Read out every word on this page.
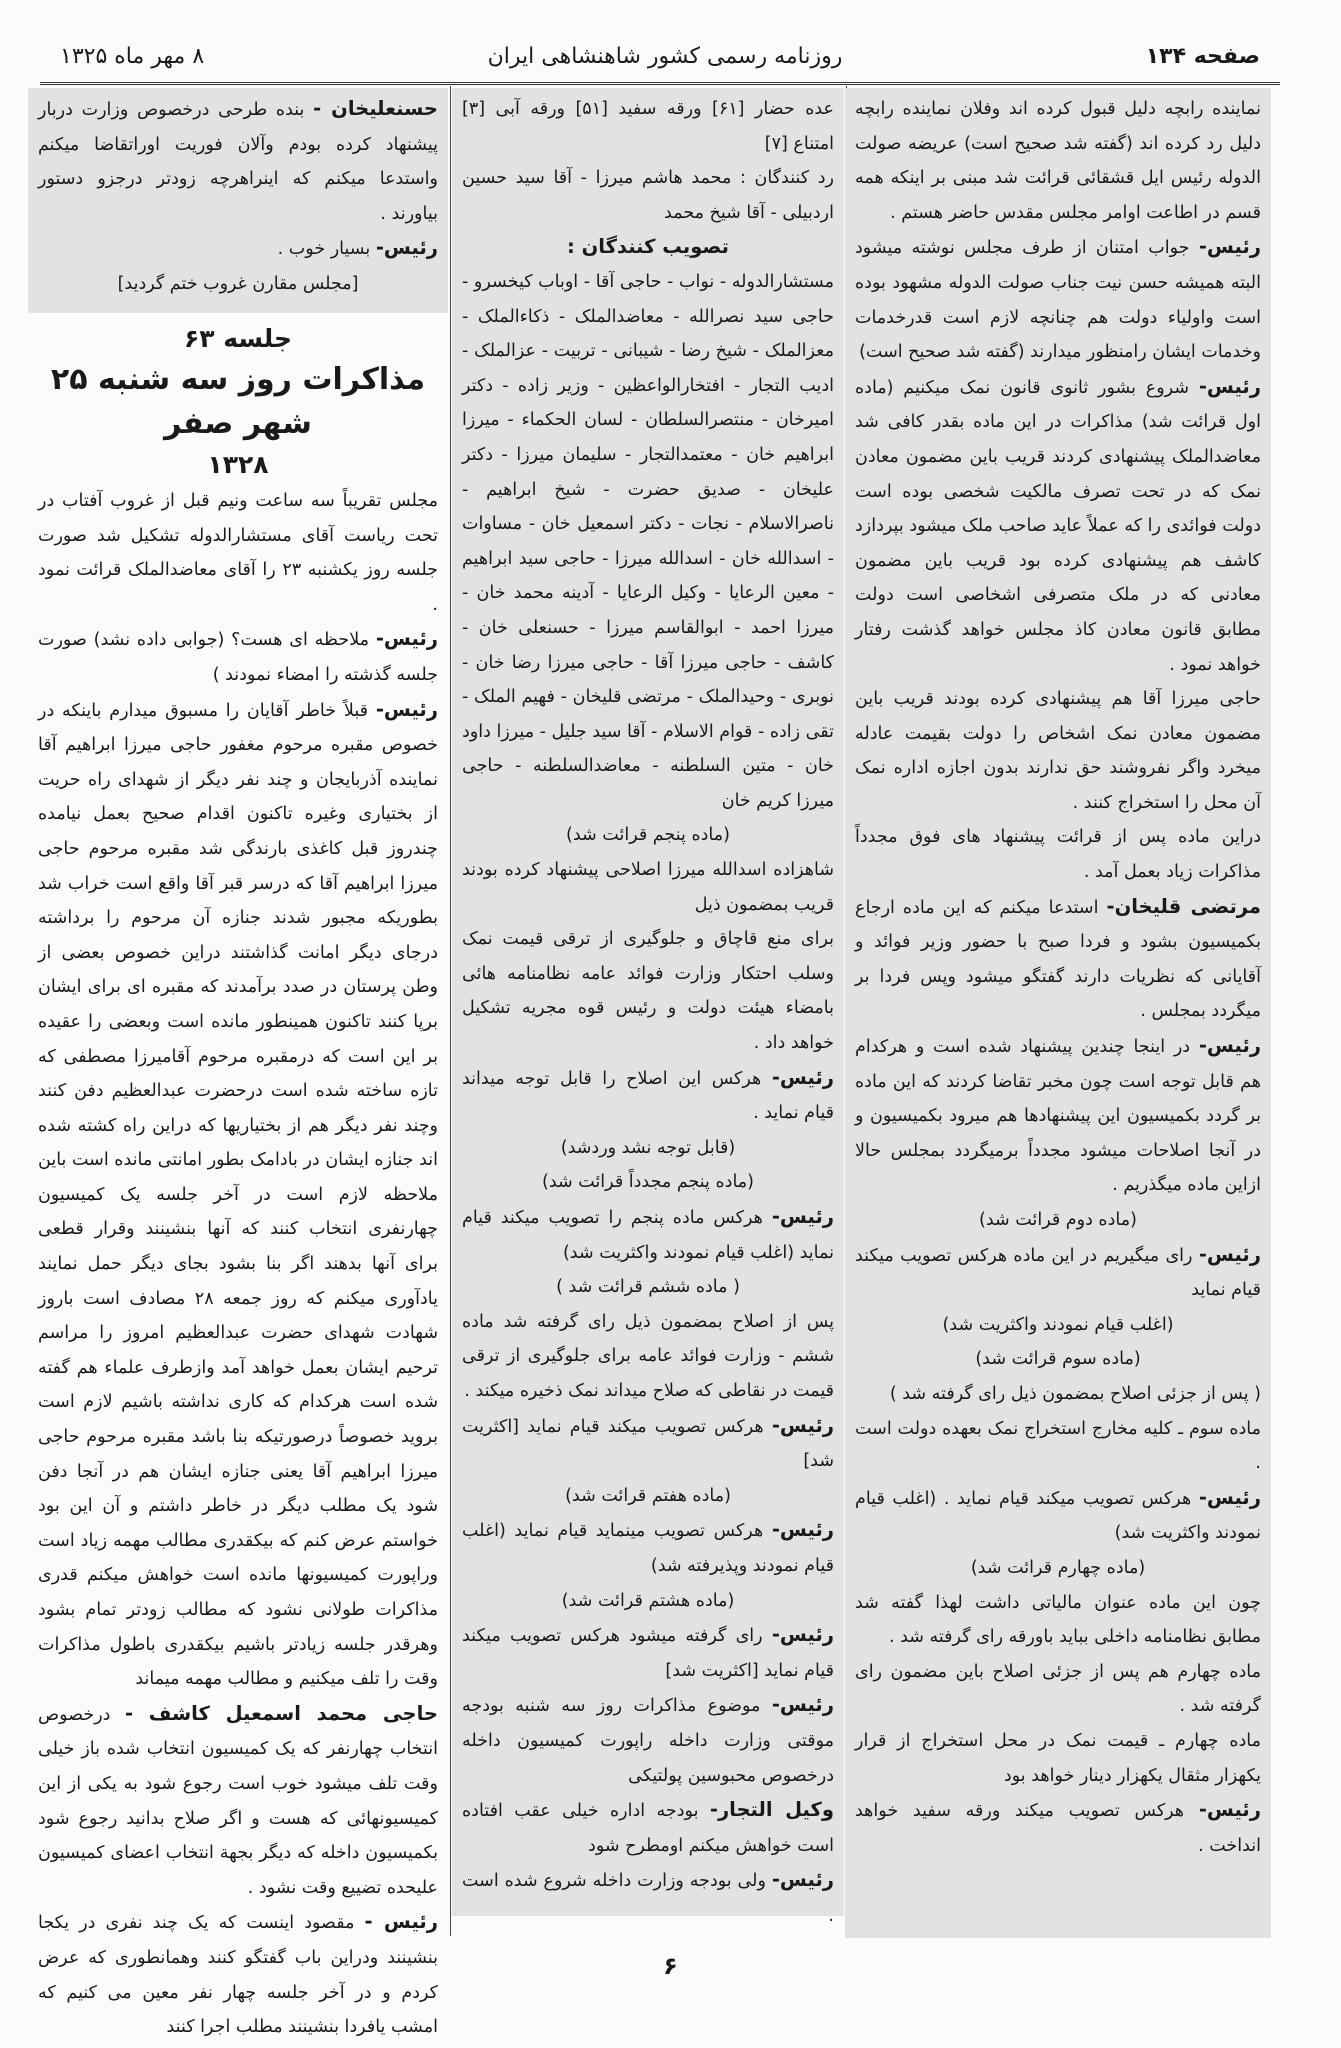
صفحه ۱۳۴
روزنامه رسمی کشور شاهنشاهی ایران
۸ مهر ماه ۱۳۲۵

نماینده رابچه دلیل قبول کرده اند وفلان نماینده رابچه دلیل رد کرده اند (گفته شد صحیح است) عریضه صولت الدوله رئیس ایل قشقائی قرائت شد مبنی بر اینکه همه قسم در اطاعت اوامر مجلس مقدس حاضر هستم .

رئیس- جواب امتنان از طرف مجلس نوشته میشود البته همیشه حسن نیت جناب صولت الدوله مشهود بوده است واولیاء دولت هم چنانچه لازم است قدرخدمات وخدمات ایشان رامنظور میدارند (گفته شد صحیح است)

رئیس- شروع بشور ثانوی قانون نمک میکنیم (ماده اول قرائت شد) مذاکرات در این ماده بقدر کافی شد معاضدالملک پیشنهادی کردند قریب باین مضمون معادن نمک که در تحت تصرف مالکیت شخصی بوده است دولت فوائدی را که عملاً عاید صاحب ملک میشود بپردازد کاشف هم پیشنهادی کرده بود قریب باین مضمون معادنی که در ملک متصرفی اشخاصی است دولت مطابق قانون معادن کاذ مجلس خواهد گذشت رفتار خواهد نمود .

حاجی میرزا آقا هم پیشنهادی کرده بودند قریب باین مضمون معادن نمک اشخاص را دولت بقیمت عادله میخرد واگر نفروشند حق ندارند بدون اجازه اداره نمک آن محل را استخراج کنند .

دراین ماده پس از قرائت پیشنهاد های فوق مجدداً مذاکرات زیاد بعمل آمد .

مرتضی قلیخان- استدعا میکنم که این ماده ارجاع بکمیسیون بشود و فردا صبح با حضور وزیر فوائد و آقایانی که نظریات دارند گفتگو میشود وپس فردا بر میگردد بمجلس .

رئیس- در اینجا چندین پیشنهاد شده است و هرکدام هم قابل توجه است چون مخبر تقاضا کردند که این ماده بر گردد بکمیسیون این پیشنهادها هم میرود بکمیسیون و در آنجا اصلاحات میشود مجدداً برمیگردد بمجلس حالا ازاین ماده میگذریم .

(ماده دوم قرائت شد)

رئیس- رای میگیریم در این ماده هرکس تصویب میکند قیام نماید

(اغلب قیام نمودند واکثریت شد)

(ماده سوم قرائت شد)

( پس از جزئی اصلاح بمضمون ذیل رای گرفته شد )

ماده سوم ـ کلیه مخارج استخراج نمک بعهده دولت است .

رئیس- هرکس تصویب میکند قیام نماید . (اغلب قیام نمودند واکثریت شد)

(ماده چهارم قرائت شد)

چون این ماده عنوان مالیاتی داشت لهذا گفته شد مطابق نظامنامه داخلی بباید باورقه رای گرفته شد .

ماده چهارم هم پس از جزئی اصلاح باین مضمون رای گرفته شد .

ماده چهارم ـ قیمت نمک در محل استخراج از قرار یکهزار مثقال یکهزار دینار خواهد بود

رئیس- هرکس تصویب میکند ورقه سفید خواهد انداخت .

عده حضار [۶۱] ورقه سفید [۵۱] ورقه آبی [۳] امتناع [۷]

رد کنندگان : محمد هاشم میرزا - آقا سید حسین اردبیلی - آقا شیخ محمد

تصویب کنندگان :

مستشارالدوله - نواب - حاجی آقا - اوباب کیخسرو - حاجی سید نصرالله - معاضدالملک - ذکاءالملک - معزالملک - شیخ رضا - شیبانی - تربیت - عزالملک - ادیب التجار - افتخارالواعظین - وزیر زاده - دکتر امیرخان - منتصرالسلطان - لسان الحکماء - میرزا ابراهیم خان - معتمدالتجار - سلیمان میرزا - دکتر علیخان - صدیق حضرت - شیخ ابراهیم - ناصرالاسلام - نجات - دکتر اسمعیل خان - مساوات - اسدالله خان - اسدالله میرزا - حاجی سید ابراهیم - معین الرعایا - وکیل الرعایا - آدینه محمد خان - میرزا احمد - ابوالقاسم میرزا - حسنعلی خان - کاشف - حاجی میرزا آقا - حاجی میرزا رضا خان - نوبری - وحیدالملک - مرتضی قلیخان - فهیم الملک - تقی زاده - قوام الاسلام - آقا سید جلیل - میرزا داود خان - متین السلطنه - معاضدالسلطنه - حاجی میرزا کریم خان

(ماده پنجم قرائت شد)

شاهزاده اسدالله میرزا اصلاحی پیشنهاد کرده بودند قریب بمضمون ذیل

برای منع قاچاق و جلوگیری از ترقی قیمت نمک وسلب احتکار وزارت فوائد عامه نظامنامه هائی بامضاء هیئت دولت و رئیس قوه مجریه تشکیل خواهد داد .

رئیس- هرکس این اصلاح را قابل توجه میداند قیام نماید .

(قابل توجه نشد وردشد)

(ماده پنجم مجدداً قرائت شد)

رئیس- هرکس ماده پنجم را تصویب میکند قیام نماید (اغلب قیام نمودند واکثریت شد)

( ماده ششم قرائت شد )

پس از اصلاح بمضمون ذیل رای گرفته شد ماده ششم - وزارت فوائد عامه برای جلوگیری از ترقی قیمت در نقاطی که صلاح میداند نمک ذخیره میکند .

رئیس- هرکس تصویب میکند قیام نماید [اکثریت شد]

(ماده هفتم قرائت شد)

رئیس- هرکس تصویب مینماید قیام نماید (اغلب قیام نمودند وپذیرفته شد)

(ماده هشتم قرائت شد)

رئیس- رای گرفته میشود هرکس تصویب میکند قیام نماید [اکثریت شد]

رئیس- موضوع مذاکرات روز سه شنبه بودجه موقتی وزارت داخله راپورت کمیسیون داخله درخصوص محبوسین پولتیکی

وکیل التجار- بودجه اداره خیلی عقب افتاده است خواهش میکنم اومطرح شود

رئیس- ولی بودجه وزارت داخله شروع شده است .

حسنعلیخان - بنده طرحی درخصوص وزارت دربار پیشنهاد کرده بودم وآلان فوریت اوراتقاضا میکنم واستدعا میکنم که اینراهرچه زودتر درجزو دستور بیاورند .

رئیس- بسیار خوب .

[مجلس مقارن غروب ختم گردید]

جلسه ۶۳

مذاکرات روز سه شنبه ۲۵ شهر صفر

۱۳۲۸

مجلس تقریباً سه ساعت ونیم قبل از غروب آفتاب در تحت ریاست آقای مستشارالدوله تشکیل شد صورت جلسه روز یکشنبه ۲۳ را آقای معاضدالملک قرائت نمود .

رئیس- ملاحظه ای هست؟ (جوابی داده نشد) صورت جلسه گذشته را امضاء نمودند )

رئیس- قبلاً خاطر آقایان را مسبوق میدارم باینکه در خصوص مقبره مرحوم مغفور حاجی میرزا ابراهیم آقا نماینده آذربایجان و چند نفر دیگر از شهدای راه حریت از بختیاری وغیره تاکنون اقدام صحیح بعمل نیامده چندروز قبل کاغذی بارندگی شد مقبره مرحوم حاجی میرزا ابراهیم آقا که درسر قبر آقا واقع است خراب شد بطوریکه مجبور شدند جنازه آن مرحوم را برداشته درجای دیگر امانت گذاشتند دراین خصوص بعضی از وطن پرستان در صدد برآمدند که مقبره ای برای ایشان برپا کنند تاکنون همینطور مانده است وبعضی را عقیده بر این است که درمقبره مرحوم آقامیرزا مصطفی که تازه ساخته شده است درحضرت عبدالعظیم دفن کنند وچند نفر دیگر هم از بختیاریها که دراین راه کشته شده اند جنازه ایشان در بادامک بطور امانتی مانده است باین ملاحظه لازم است در آخر جلسه یک کمیسیون چهارنفری انتخاب کنند که آنها بنشینند وقرار قطعی برای آنها بدهند اگر بنا بشود بجای دیگر حمل نمایند یادآوری میکنم که روز جمعه ۲۸ مصادف است باروز شهادت شهدای حضرت عبدالعظیم امروز را مراسم ترحیم ایشان بعمل خواهد آمد وازطرف علماء هم گفته شده است هرکدام که کاری نداشته باشیم لازم است بروید خصوصاً درصورتیکه بنا باشد مقبره مرحوم حاجی میرزا ابراهیم آقا یعنی جنازه ایشان هم در آنجا دفن شود یک مطلب دیگر در خاطر داشتم و آن این بود خواستم عرض کنم که بیکقدری مطالب مهمه زیاد است وراپورت کمیسیونها مانده است خواهش میکنم قدری مذاکرات طولانی نشود که مطالب زودتر تمام بشود وهرقدر جلسه زیادتر باشیم بیکقدری باطول مذاکرات وقت را تلف میکنیم و مطالب مهمه میماند

حاجی محمد اسمعیل کاشف - درخصوص انتخاب چهارنفر که یک کمیسیون انتخاب شده باز خیلی وقت تلف میشود خوب است رجوع شود به یکی از این کمیسیونهائی که هست و اگر صلاح بدانید رجوع شود بکمیسیون داخله که دیگر بجهة انتخاب اعضای کمیسیون علیحده تضییع وقت نشود .

رئیس - مقصود اینست که یک چند نفری در یکجا بنشینند ودراین باب گفتگو کنند وهمانطوری که عرض کردم و در آخر جلسه چهار نفر معین می کنیم که امشب یافردا بنشینند مطلب اجرا کنند

۶
